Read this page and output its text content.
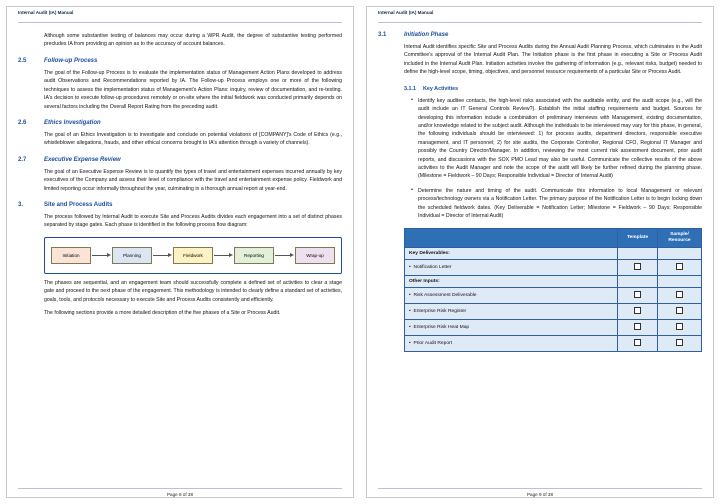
Internal Audit (IA) Manual

Although some substantive testing of balances may occur during a WPR Audit, the degree of substantive testing performed precludes IA from providing an opinion as to the accuracy of account balances.

2.5	Follow-up Process

The goal of the Follow-up Process is to evaluate the implementation status of Management Action Plans developed to address audit Observations and Recommendations reported by IA. The Follow-up Process employs one or more of the following techniques to assess the implementation status of Management's Action Plans: inquiry, review of documentation, and re-testing. IA's decision to execute follow-up procedures remotely or on-site where the initial fieldwork was conducted primarily depends on several factors including the Overall Report Rating from the preceding audit.

2.6	Ethics Investigation

The goal of an Ethics Investigation is to investigate and conclude on potential violations of [COMPANY]'s Code of Ethics (e.g., whistleblower allegations, frauds, and other ethical concerns brought to IA's attention through a variety of channels).

2.7	Executive Expense Review

The goal of an Executive Expense Review is to quantify the types of travel and entertainment expenses incurred annually by key executives of the Company and assess their level of compliance with the travel and entertainment expense policy. Fieldwork and limited reporting occur informally throughout the year, culminating in a thorough annual report at year-end.

3.	Site and Process Audits

The process followed by Internal Audit to execute Site and Process Audits divides each engagement into a set of distinct phases separated by stage gates. Each phase is identified in the following process flow diagram:

Initiation	Planning	Fieldwork	Reporting	Wrap-up

The phases are sequential, and an engagement team should successfully complete a defined set of activities to clear a stage gate and proceed to the next phase of the engagement. This methodology is intended to clearly define a standard set of activities, goals, tools, and protocols necessary to execute Site and Process Audits consistently and efficiently.

The following sections provide a more detailed description of the five phases of a Site or Process Audit.

Page 8 of 38
Internal Audit (IA) Manual
3.1	Initiation Phase

Internal Audit identifies specific Site and Process Audits during the Annual Audit Planning Process, which culminates in the Audit Committee's approval of the Internal Audit Plan. The Initiation phase is the first phase in executing a Site or Process Audit included in the Internal Audit Plan. Initiation activities involve the gathering of information (e.g., relevant risks, budget) needed to define the high-level scope, timing, objectives, and personnel resource requirements of a particular Site or Process Audit.

3.1.1 Key Activities
• Identify key auditee contacts, the high-level risks associated with the auditable entity, and the audit scope (e.g., will the audit include an IT General Controls Review?). Establish the initial staffing requirements and budget. Sources for developing this information include a combination of preliminary interviews with Management, existing documentation, and/or knowledge related to the subject audit. Although the individuals to be interviewed may vary for this phase, in general, the following individuals should be interviewed: 1) for process audits, department directors, responsible executive management, and IT personnel; 2) for site audits, the Corporate Controller, Regional CFO, Regional IT Manager and possibly the Country Director/Manager. In addition, reviewing the most current risk assessment document, prior audit reports, and discussions with the SOX PMO Lead may also be useful. Communicate the collective results of the above activities to the Audit Manager and note the scope of the audit will likely be further refined during the planning phase. (Milestone = Fieldwork – 90 Days; Responsible Individual = Director of Internal Audit)
• Determine the nature and timing of the audit. Communicate this information to local Management or relevant process/technology owners via a Notification Letter. The primary purpose of the Notification Letter is to begin locking down the scheduled fieldwork dates. (Key Deliverable = Notification Letter; Milestone = Fieldwork – 90 Days; Responsible Individual = Director of Internal Audit)
	Template	Sample/ Resource
Key Deliverables:		
•  Notification Letter		
Other Inputs:		
•  Risk Assessment Deliverable		
•  Enterprise Risk Register		
•  Enterprise Risk Heat Map		
•  Prior Audit Report		
Page 9 of 38
